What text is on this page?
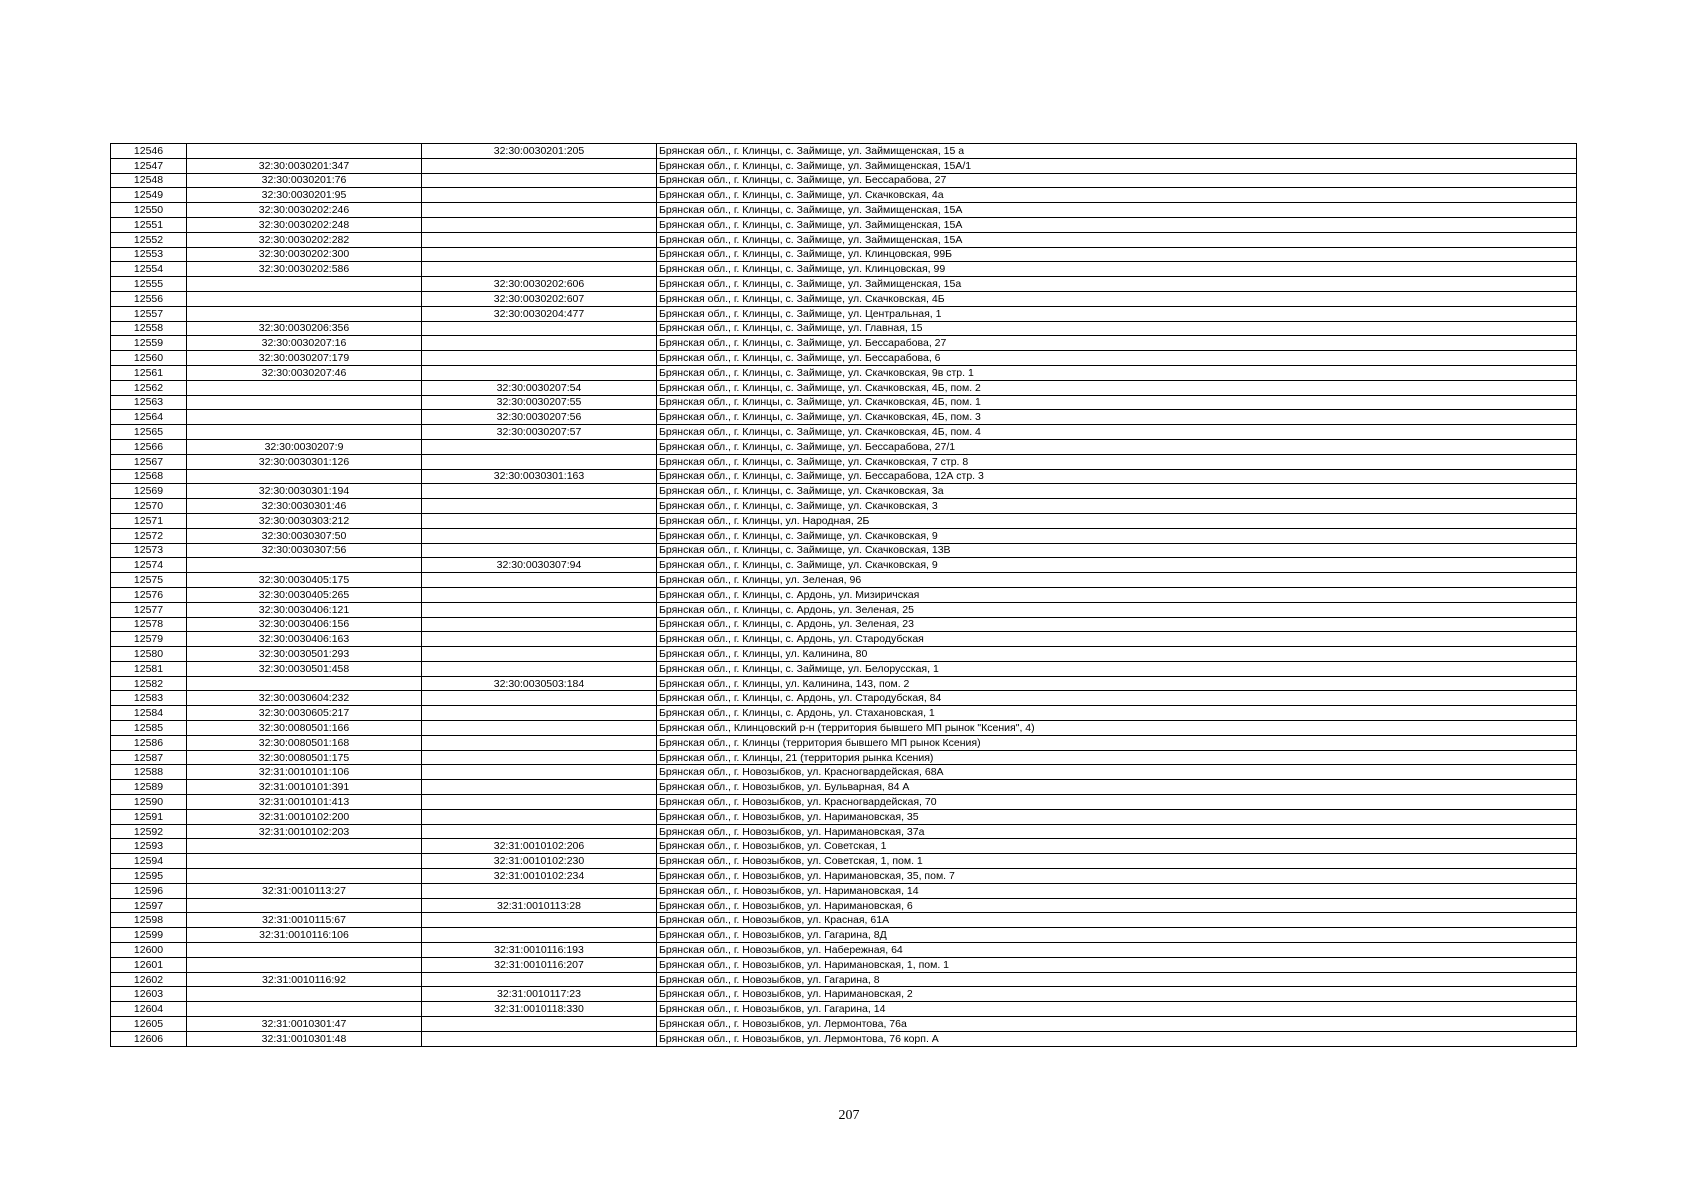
12546		32:30:0030201:205	Брянская обл., г. Клинцы, с. Займище, ул. Займищенская, 15 а
12547	32:30:0030201:347		Брянская обл., г. Клинцы, с. Займище, ул. Займищенская, 15А/1
12548	32:30:0030201:76		Брянская обл., г. Клинцы, с. Займище, ул. Бессарабова, 27
12549	32:30:0030201:95		Брянская обл., г. Клинцы, с. Займище, ул. Скачковская, 4а
12550	32:30:0030202:246		Брянская обл., г. Клинцы, с. Займище, ул. Займищенская, 15А
12551	32:30:0030202:248		Брянская обл., г. Клинцы, с. Займище, ул. Займищенская, 15А
12552	32:30:0030202:282		Брянская обл., г. Клинцы, с. Займище, ул. Займищенская, 15А
12553	32:30:0030202:300		Брянская обл., г. Клинцы, с. Займище, ул. Клинцовская, 99Б
12554	32:30:0030202:586		Брянская обл., г. Клинцы, с. Займище, ул. Клинцовская, 99
12555		32:30:0030202:606	Брянская обл., г. Клинцы, с. Займище, ул. Займищенская, 15а
12556		32:30:0030202:607	Брянская обл., г. Клинцы, с. Займище, ул. Скачковская, 4Б
12557		32:30:0030204:477	Брянская обл., г. Клинцы, с. Займище, ул. Центральная, 1
12558	32:30:0030206:356		Брянская обл., г. Клинцы, с. Займище, ул. Главная, 15
12559	32:30:0030207:16		Брянская обл., г. Клинцы, с. Займище, ул. Бессарабова, 27
12560	32:30:0030207:179		Брянская обл., г. Клинцы, с. Займище, ул. Бессарабова, 6
12561	32:30:0030207:46		Брянская обл., г. Клинцы, с. Займище, ул. Скачковская, 9в стр. 1
12562		32:30:0030207:54	Брянская обл., г. Клинцы, с. Займище, ул. Скачковская, 4Б, пом. 2
12563		32:30:0030207:55	Брянская обл., г. Клинцы, с. Займище, ул. Скачковская, 4Б, пом. 1
12564		32:30:0030207:56	Брянская обл., г. Клинцы, с. Займище, ул. Скачковская, 4Б, пом. 3
12565		32:30:0030207:57	Брянская обл., г. Клинцы, с. Займище, ул. Скачковская, 4Б, пом. 4
12566	32:30:0030207:9		Брянская обл., г. Клинцы, с. Займище, ул. Бессарабова, 27/1
12567	32:30:0030301:126		Брянская обл., г. Клинцы, с. Займище, ул. Скачковская, 7 стр. 8
12568		32:30:0030301:163	Брянская обл., г. Клинцы, с. Займище, ул. Бессарабова, 12А стр. 3
12569	32:30:0030301:194		Брянская обл., г. Клинцы, с. Займище, ул. Скачковская, 3а
12570	32:30:0030301:46		Брянская обл., г. Клинцы, с. Займище, ул. Скачковская, 3
12571	32:30:0030303:212		Брянская обл., г. Клинцы, ул. Народная, 2Б
12572	32:30:0030307:50		Брянская обл., г. Клинцы, с. Займище, ул. Скачковская, 9
12573	32:30:0030307:56		Брянская обл., г. Клинцы, с. Займище, ул. Скачковская, 13В
12574		32:30:0030307:94	Брянская обл., г. Клинцы, с. Займище, ул. Скачковская, 9
12575	32:30:0030405:175		Брянская обл., г. Клинцы, ул. Зеленая, 96
12576	32:30:0030405:265		Брянская обл., г. Клинцы, с. Ардонь, ул. Мизиричская
12577	32:30:0030406:121		Брянская обл., г. Клинцы, с. Ардонь, ул. Зеленая, 25
12578	32:30:0030406:156		Брянская обл., г. Клинцы, с. Ардонь, ул. Зеленая, 23
12579	32:30:0030406:163		Брянская обл., г. Клинцы, с. Ардонь, ул. Стародубская
12580	32:30:0030501:293		Брянская обл., г. Клинцы, ул. Калинина, 80
12581	32:30:0030501:458		Брянская обл., г. Клинцы, с. Займище, ул. Белорусская, 1
12582		32:30:0030503:184	Брянская обл., г. Клинцы, ул. Калинина, 143, пом. 2
12583	32:30:0030604:232		Брянская обл., г. Клинцы, с. Ардонь, ул. Стародубская, 84
12584	32:30:0030605:217		Брянская обл., г. Клинцы, с. Ардонь, ул. Стахановская, 1
12585	32:30:0080501:166		Брянская обл., Клинцовский р-н (территория бывшего МП рынок "Ксения", 4)
12586	32:30:0080501:168		Брянская обл., г. Клинцы (территория бывшего МП рынок Ксения)
12587	32:30:0080501:175		Брянская обл., г. Клинцы, 21 (территория рынка Ксения)
12588	32:31:0010101:106		Брянская обл., г. Новозыбков, ул. Красногвардейская, 68А
12589	32:31:0010101:391		Брянская обл., г. Новозыбков, ул. Бульварная, 84 А
12590	32:31:0010101:413		Брянская обл., г. Новозыбков, ул. Красногвардейская, 70
12591	32:31:0010102:200		Брянская обл., г. Новозыбков, ул. Наримановская, 35
12592	32:31:0010102:203		Брянская обл., г. Новозыбков, ул. Наримановская, 37а
12593		32:31:0010102:206	Брянская обл., г. Новозыбков, ул. Советская, 1
12594		32:31:0010102:230	Брянская обл., г. Новозыбков, ул. Советская, 1, пом. 1
12595		32:31:0010102:234	Брянская обл., г. Новозыбков, ул. Наримановская, 35, пом. 7
12596	32:31:0010113:27		Брянская обл., г. Новозыбков, ул. Наримановская, 14
12597		32:31:0010113:28	Брянская обл., г. Новозыбков, ул. Наримановская, 6
12598	32:31:0010115:67		Брянская обл., г. Новозыбков, ул. Красная, 61А
12599	32:31:0010116:106		Брянская обл., г. Новозыбков, ул. Гагарина, 8Д
12600		32:31:0010116:193	Брянская обл., г. Новозыбков, ул. Набережная, 64
12601		32:31:0010116:207	Брянская обл., г. Новозыбков, ул. Наримановская, 1, пом. 1
12602	32:31:0010116:92		Брянская обл., г. Новозыбков, ул. Гагарина, 8
12603		32:31:0010117:23	Брянская обл., г. Новозыбков, ул. Наримановская, 2
12604		32:31:0010118:330	Брянская обл., г. Новозыбков, ул. Гагарина, 14
12605	32:31:0010301:47		Брянская обл., г. Новозыбков, ул. Лермонтова, 76а
12606	32:31:0010301:48		Брянская обл., г. Новозыбков, ул. Лермонтова, 76 корп. А
207
